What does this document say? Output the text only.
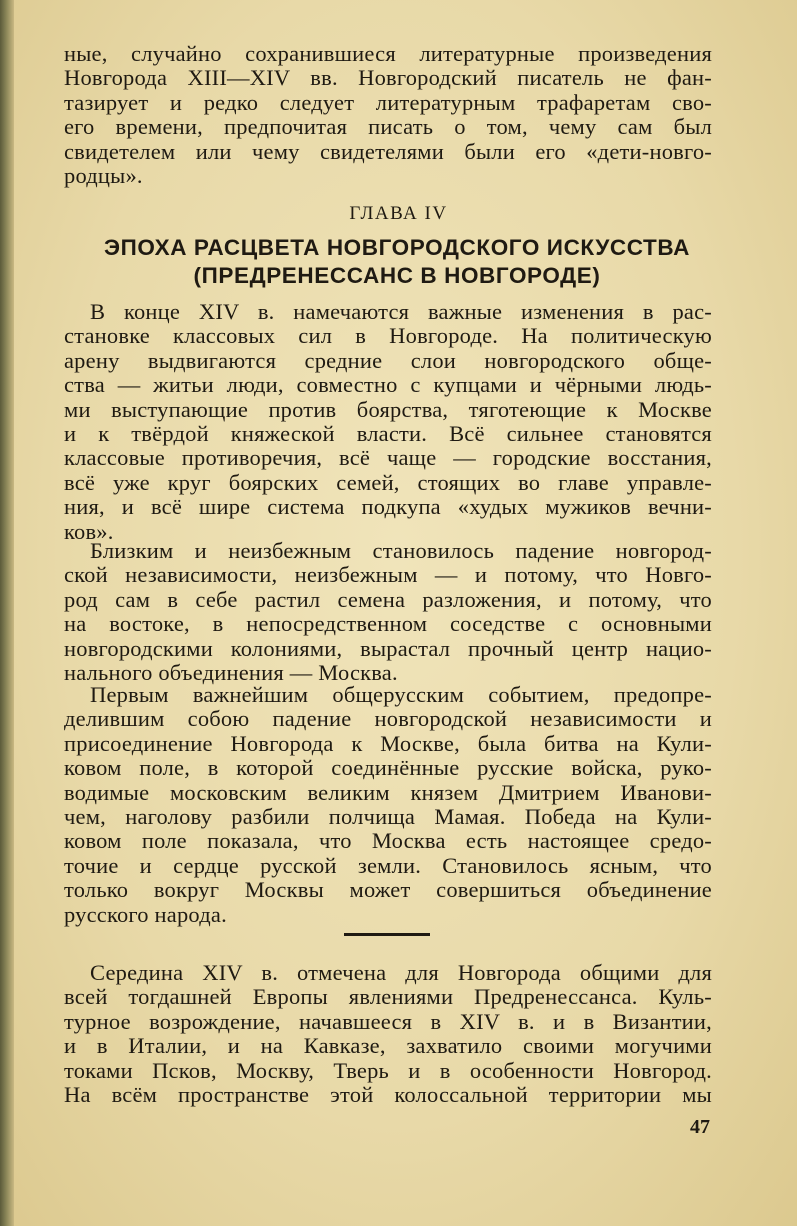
ные, случайно сохранившиеся литературные произведения
Новгорода XIII—XIV вв. Новгородский писатель не фан-
тазирует и редко следует литературным трафаретам сво-
его времени, предпочитая писать о том, чему сам был
свидетелем или чему свидетелями были его «дети-новго-
родцы».
ГЛАВА IV
ЭПОХА РАСЦВЕТА НОВГОРОДСКОГО ИСКУССТВА
(ПРЕДРЕНЕССАНС В НОВГОРОДЕ)
В конце XIV в. намечаются важные изменения в рас-
становке классовых сил в Новгороде. На политическую
арену выдвигаются средние слои новгородского обще-
ства — житьи люди, совместно с купцами и чёрными людь-
ми выступающие против боярства, тяготеющие к Москве
и к твёрдой княжеской власти. Всё сильнее становятся
классовые противоречия, всё чаще — городские восстания,
всё уже круг боярских семей, стоящих во главе управле-
ния, и всё шире система подкупа «худых мужиков вечни-
ков».
Близким и неизбежным становилось падение новгород-
ской независимости, неизбежным — и потому, что Новго-
род сам в себе растил семена разложения, и потому, что
на востоке, в непосредственном соседстве с основными
новгородскими колониями, вырастал прочный центр нацио-
нального объединения — Москва.
Первым важнейшим общерусским событием, предопре-
делившим собою падение новгородской независимости и
присоединение Новгорода к Москве, была битва на Кули-
ковом поле, в которой соединённые русские войска, руко-
водимые московским великим князем Дмитрием Иванови-
чем, наголову разбили полчища Мамая. Победа на Кули-
ковом поле показала, что Москва есть настоящее средо-
точие и сердце русской земли. Становилось ясным, что
только вокруг Москвы может совершиться объединение
русского народа.
Середина XIV в. отмечена для Новгорода общими для
всей тогдашней Европы явлениями Предренессанса. Куль-
турное возрождение, начавшееся в XIV в. и в Византии,
и в Италии, и на Кавказе, захватило своими могучими
токами Псков, Москву, Тверь и в особенности Новгород.
На всём пространстве этой колоссальной территории мы
47
